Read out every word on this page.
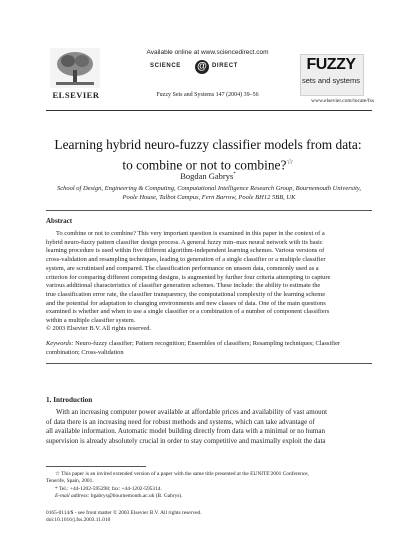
ELSEVIER
Available online at www.sciencedirect.com
SCIENCE @ DIRECT
Fuzzy Sets and Systems 147 (2004) 39–56
FUZZY
sets and systems
www.elsevier.com/locate/fss
Learning hybrid neuro-fuzzy classifier models from data:
to combine or not to combine?☆
Bogdan Gabrys*
School of Design, Engineering & Computing, Computational Intelligence Research Group, Bournemouth University,
Poole House, Talbot Campus, Fern Barrow, Poole BH12 5BB, UK
Abstract
To combine or not to combine? This very important question is examined in this paper in the context of a
hybrid neuro-fuzzy pattern classifier design process. A general fuzzy min–max neural network with its basic
learning procedure is used within five different algorithm-independent learning schemes. Various versions of
cross-validation and resampling techniques, leading to generation of a single classifier or a multiple classifier
system, are scrutinised and compared. The classification performance on unseen data, commonly used as a
criterion for comparing different competing designs, is augmented by further four criteria attempting to capture
various additional characteristics of classifier generation schemes. These include: the ability to estimate the
true classification error rate, the classifier transparency, the computational complexity of the learning scheme
and the potential for adaptation to changing environments and new classes of data. One of the main questions
examined is whether and when to use a single classifier or a combination of a number of component classifiers
within a multiple classifier system.
© 2003 Elsevier B.V. All rights reserved.
Keywords: Neuro-fuzzy classifier; Pattern recognition; Ensembles of classifiers; Resampling techniques; Classifier
combination; Cross-validation
1. Introduction
With an increasing computer power available at affordable prices and availability of vast amount
of data there is an increasing need for robust methods and systems, which can take advantage of
all available information. Automatic model building directly from data with a minimal or no human
supervision is already absolutely crucial in order to stay competitive and maximally exploit the data
☆ This paper is an invited extended version of a paper with the same title presented at the EUNITE'2001 Conference,
Tenerife, Spain, 2001.
* Tel.: +44-1202-595298; fax: +44-1202-595314.
E-mail address: bgabrys@bournemouth.ac.uk (B. Gabrys).
0165-0114/$ - see front matter © 2003 Elsevier B.V. All rights reserved.
doi:10.1016/j.fss.2003.11.010
